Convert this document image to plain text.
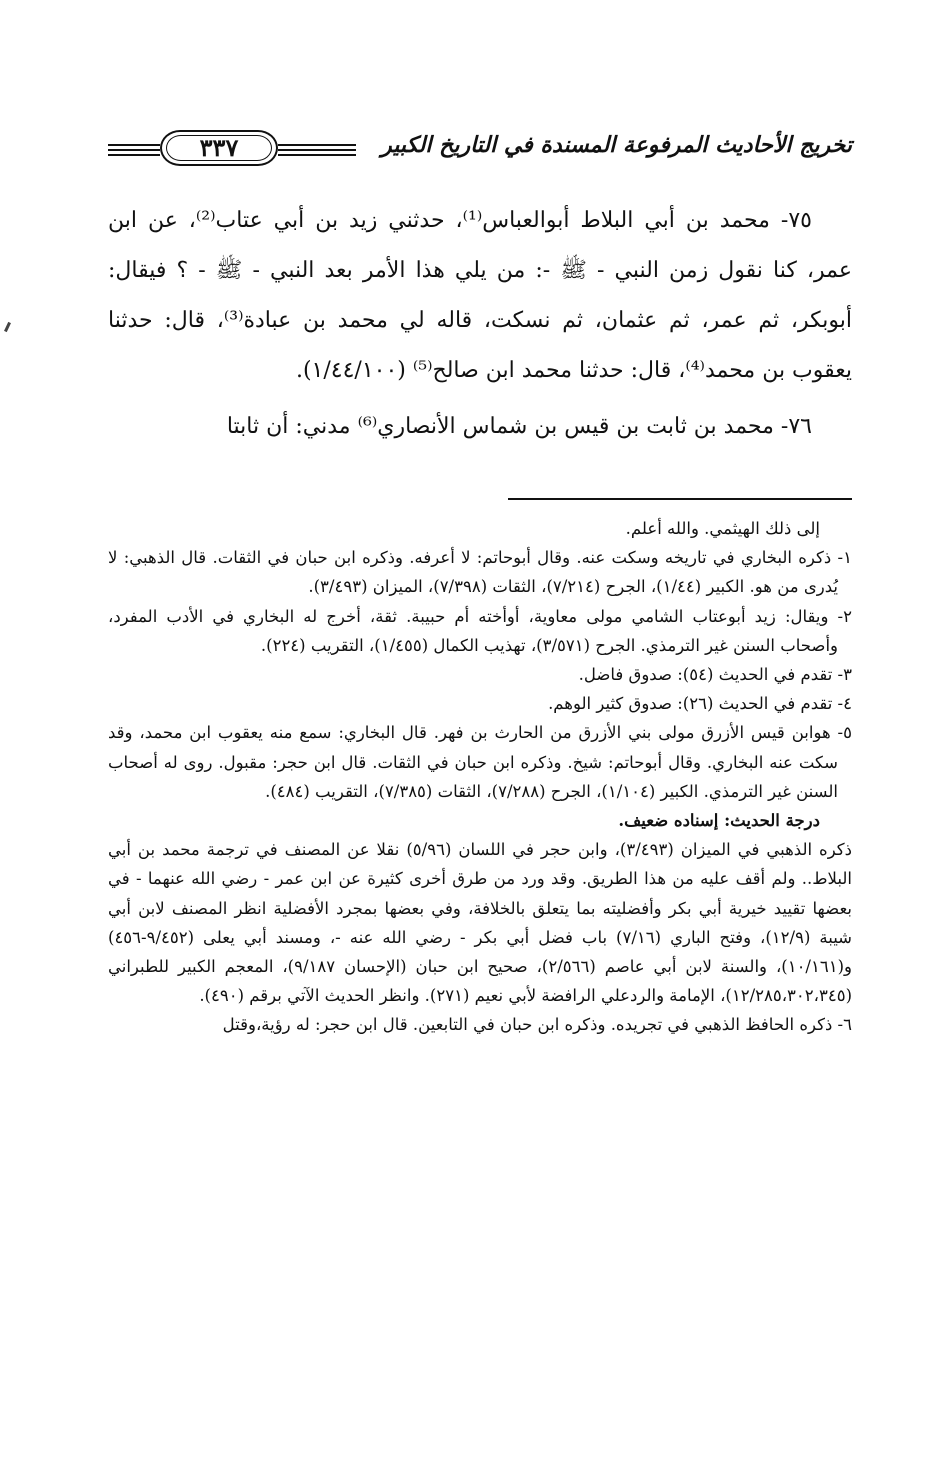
٣٣٧	تخريج الأحاديث المرفوعة المسندة في التاريخ الكبير

٧٥- محمد بن أبي البلاط أبوالعباس⁽¹⁾، حدثني زيد بن أبي عتاب⁽²⁾، عن ابن عمر، كنا نقول زمن النبي - ﷺ -: من يلي هذا الأمر بعد النبي - ﷺ - ؟ فيقال: أبوبكر، ثم عمر، ثم عثمان، ثم نسكت، قاله لي محمد بن عبادة⁽³⁾، قال: حدثنا يعقوب بن محمد⁽⁴⁾، قال: حدثنا محمد ابن صالح⁽⁵⁾ (١/٤٤/١٠٠).

٧٦- محمد بن ثابت بن قيس بن شماس الأنصاري⁽⁶⁾ مدني: أن ثابتا

إلى ذلك الهيثمي. والله أعلم.

١- ذكره البخاري في تاريخه وسكت عنه. وقال أبوحاتم: لا أعرفه. وذكره ابن حبان في الثقات. قال الذهبي: لا يُدرى من هو. الكبير (١/٤٤)، الجرح (٧/٢١٤)، الثقات (٧/٣٩٨)، الميزان (٣/٤٩٣).

٢- ويقال: زيد أبوعتاب الشامي مولى معاوية، أوأخته أم حبيبة. ثقة، أخرج له البخاري في الأدب المفرد، وأصحاب السنن غير الترمذي. الجرح (٣/٥٧١)، تهذيب الكمال (١/٤٥٥)، التقريب (٢٢٤).

٣- تقدم في الحديث (٥٤): صدوق فاضل.

٤- تقدم في الحديث (٢٦): صدوق كثير الوهم.

٥- هوابن قيس الأزرق مولى بني الأزرق من الحارث بن فهر. قال البخاري: سمع منه يعقوب ابن محمد، وقد سكت عنه البخاري. وقال أبوحاتم: شيخ. وذكره ابن حبان في الثقات. قال ابن حجر: مقبول. روى له أصحاب السنن غير الترمذي. الكبير (١/١٠٤)، الجرح (٧/٢٨٨)، الثقات (٧/٣٨٥)، التقريب (٤٨٤).

درجة الحديث: إسناده ضعيف.

ذكره الذهبي في الميزان (٣/٤٩٣)، وابن حجر في اللسان (٥/٩٦) نقلا عن المصنف في ترجمة محمد بن أبي البلاط.. ولم أقف عليه من هذا الطريق. وقد ورد من طرق أخرى كثيرة عن ابن عمر - رضي الله عنهما - في بعضها تقييد خيرية أبي بكر وأفضليته بما يتعلق بالخلافة، وفي بعضها بمجرد الأفضلية انظر المصنف لابن أبي شيبة (١٢/٩)، وفتح الباري (٧/١٦) باب فضل أبي بكر - رضي الله عنه -، ومسند أبي يعلى (٩/٤٥٢-٤٥٦) و(١٠/١٦١)، والسنة لابن أبي عاصم (٢/٥٦٦)، صحيح ابن حبان (الإحسان ٩/١٨٧)، المعجم الكبير للطبراني (١٢/٢٨٥،٣٠٢،٣٤٥)، الإمامة والردعلي الرافضة لأبي نعيم (٢٧١). وانظر الحديث الآتي برقم (٤٩٠).

٦- ذكره الحافظ الذهبي في تجريده. وذكره ابن حبان في التابعين. قال ابن حجر: له رؤية،وقتل
